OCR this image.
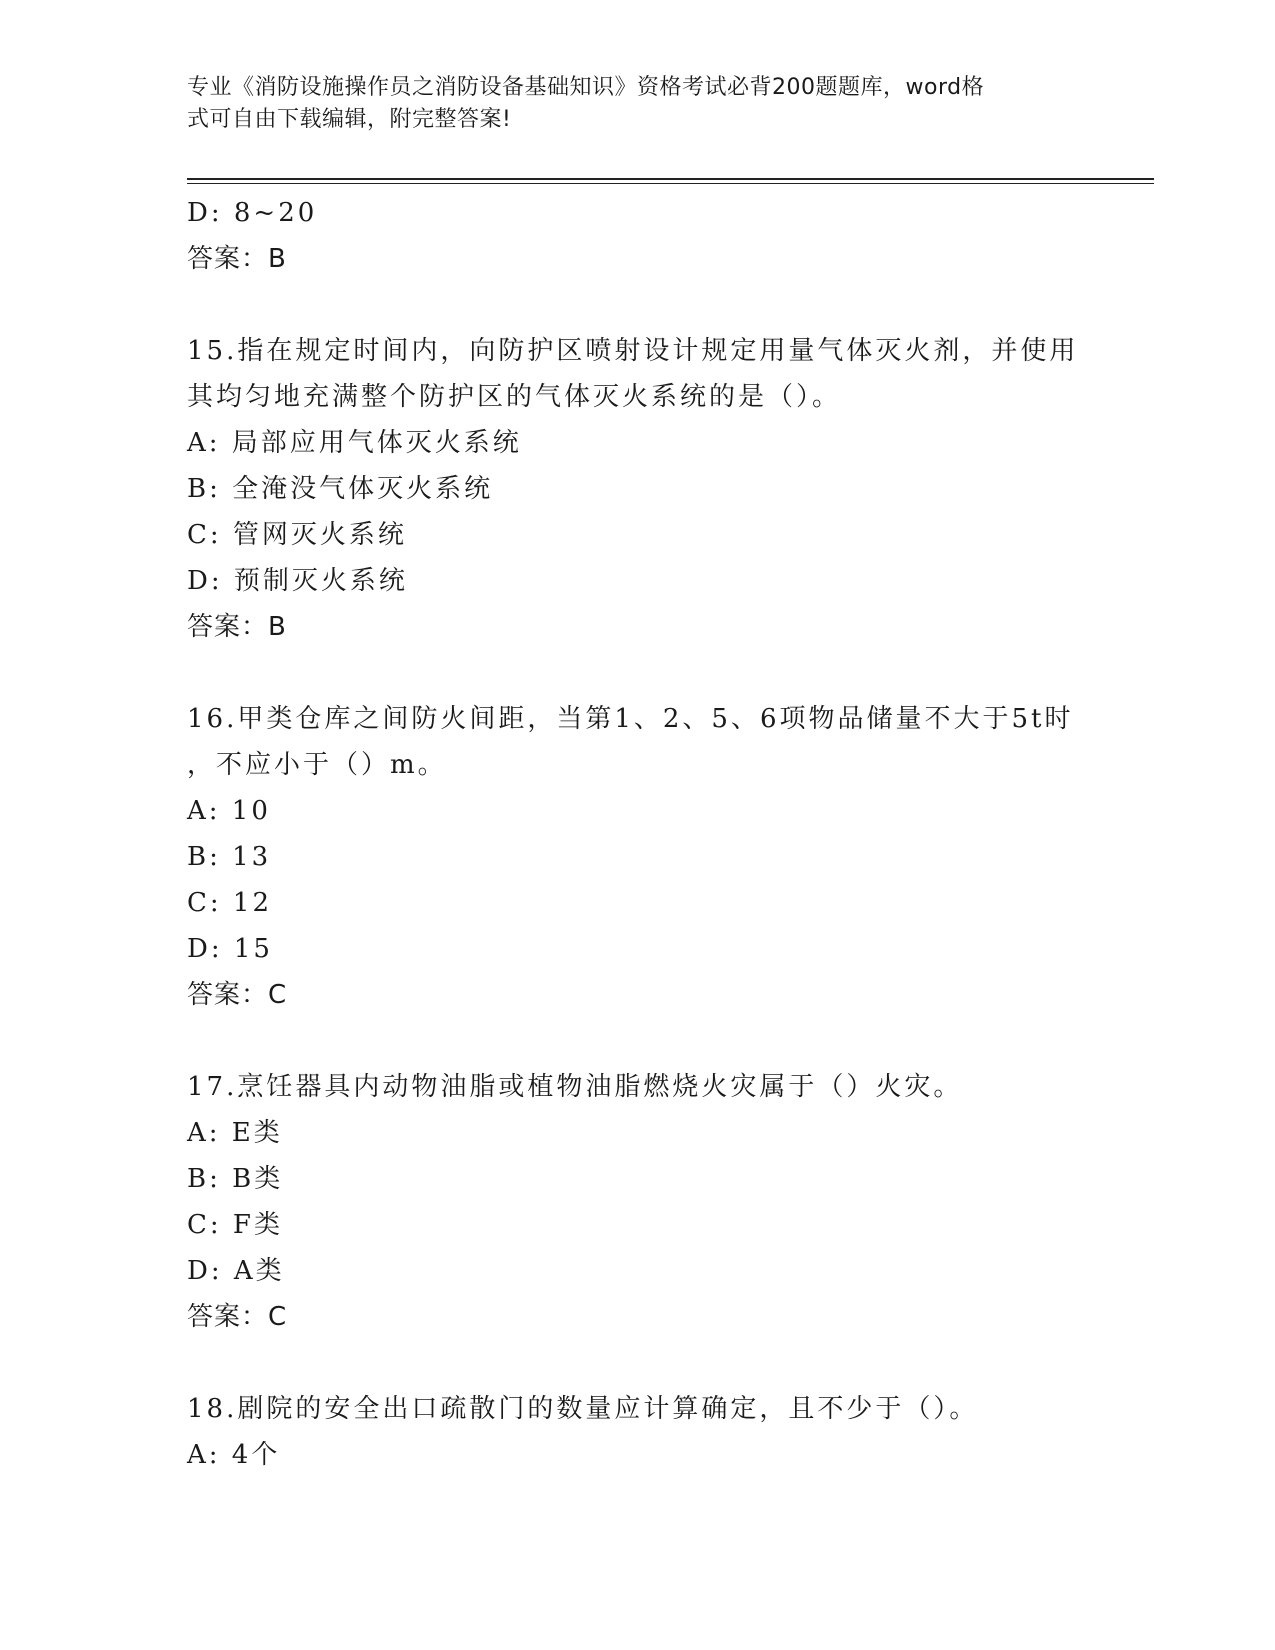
专业《消防设施操作员之消防设备基础知识》资格考试必背200题题库，word格
式可自由下载编辑，附完整答案!
D: 8~20
答案：B
15.指在规定时间内，向防护区喷射设计规定用量气体灭火剂，并使用
其均匀地充满整个防护区的气体灭火系统的是（）。
A: 局部应用气体灭火系统
B: 全淹没气体灭火系统
C: 管网灭火系统
D: 预制灭火系统
答案：B
16.甲类仓库之间防火间距，当第1、2、5、6项物品储量不大于5t时
，不应小于（）m。
A: 10
B: 13
C: 12
D: 15
答案：C
17.烹饪器具内动物油脂或植物油脂燃烧火灾属于（）火灾。
A: E类
B: B类
C: F类
D: A类
答案：C
18.剧院的安全出口疏散门的数量应计算确定，且不少于（）。
A: 4个
